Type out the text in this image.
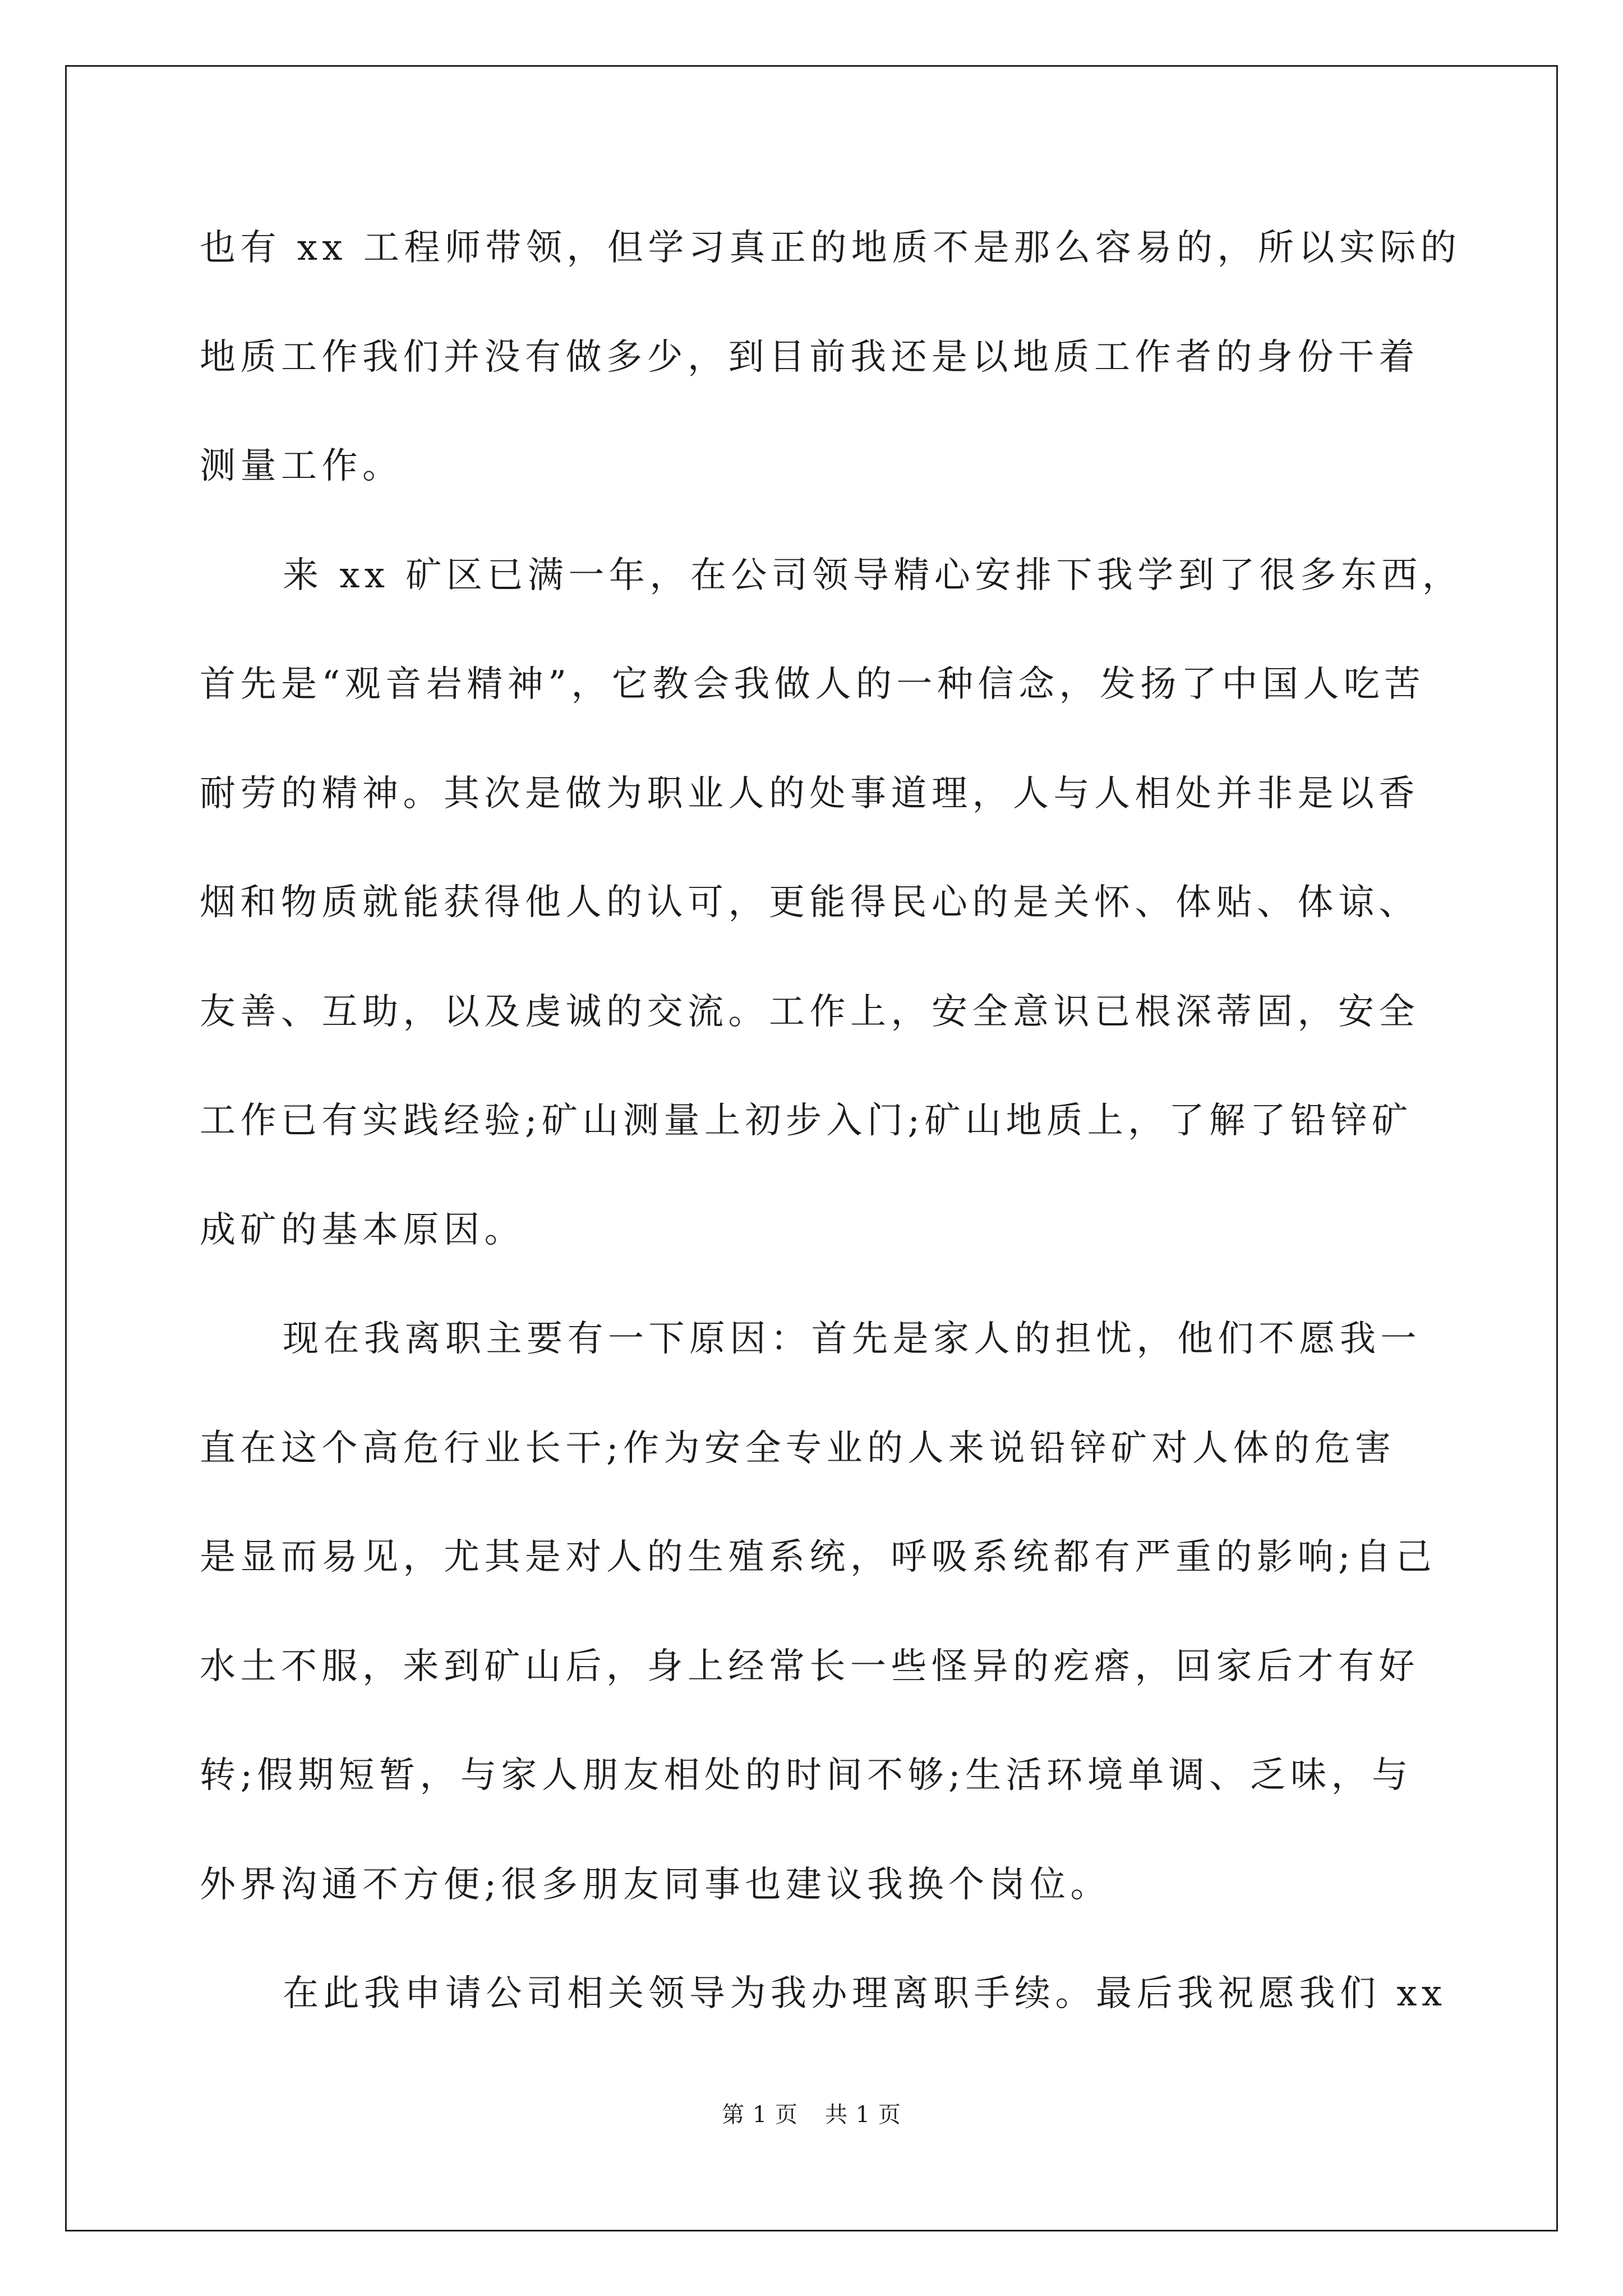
也有 xx 工程师带领，但学习真正的地质不是那么容易的，所以实际的
地质工作我们并没有做多少，到目前我还是以地质工作者的身份干着
测量工作。
来 xx 矿区已满一年，在公司领导精心安排下我学到了很多东西，
首先是“观音岩精神”，它教会我做人的一种信念，发扬了中国人吃苦
耐劳的精神。其次是做为职业人的处事道理，人与人相处并非是以香
烟和物质就能获得他人的认可，更能得民心的是关怀、体贴、体谅、
友善、互助，以及虔诚的交流。工作上，安全意识已根深蒂固，安全
工作已有实践经验;矿山测量上初步入门;矿山地质上，了解了铅锌矿
成矿的基本原因。
现在我离职主要有一下原因：首先是家人的担忧，他们不愿我一
直在这个高危行业长干;作为安全专业的人来说铅锌矿对人体的危害
是显而易见，尤其是对人的生殖系统，呼吸系统都有严重的影响;自己
水土不服，来到矿山后，身上经常长一些怪异的疙瘩，回家后才有好
转;假期短暂，与家人朋友相处的时间不够;生活环境单调、乏味，与
外界沟通不方便;很多朋友同事也建议我换个岗位。
在此我申请公司相关领导为我办理离职手续。最后我祝愿我们 xx
第 1 页 共 1 页
